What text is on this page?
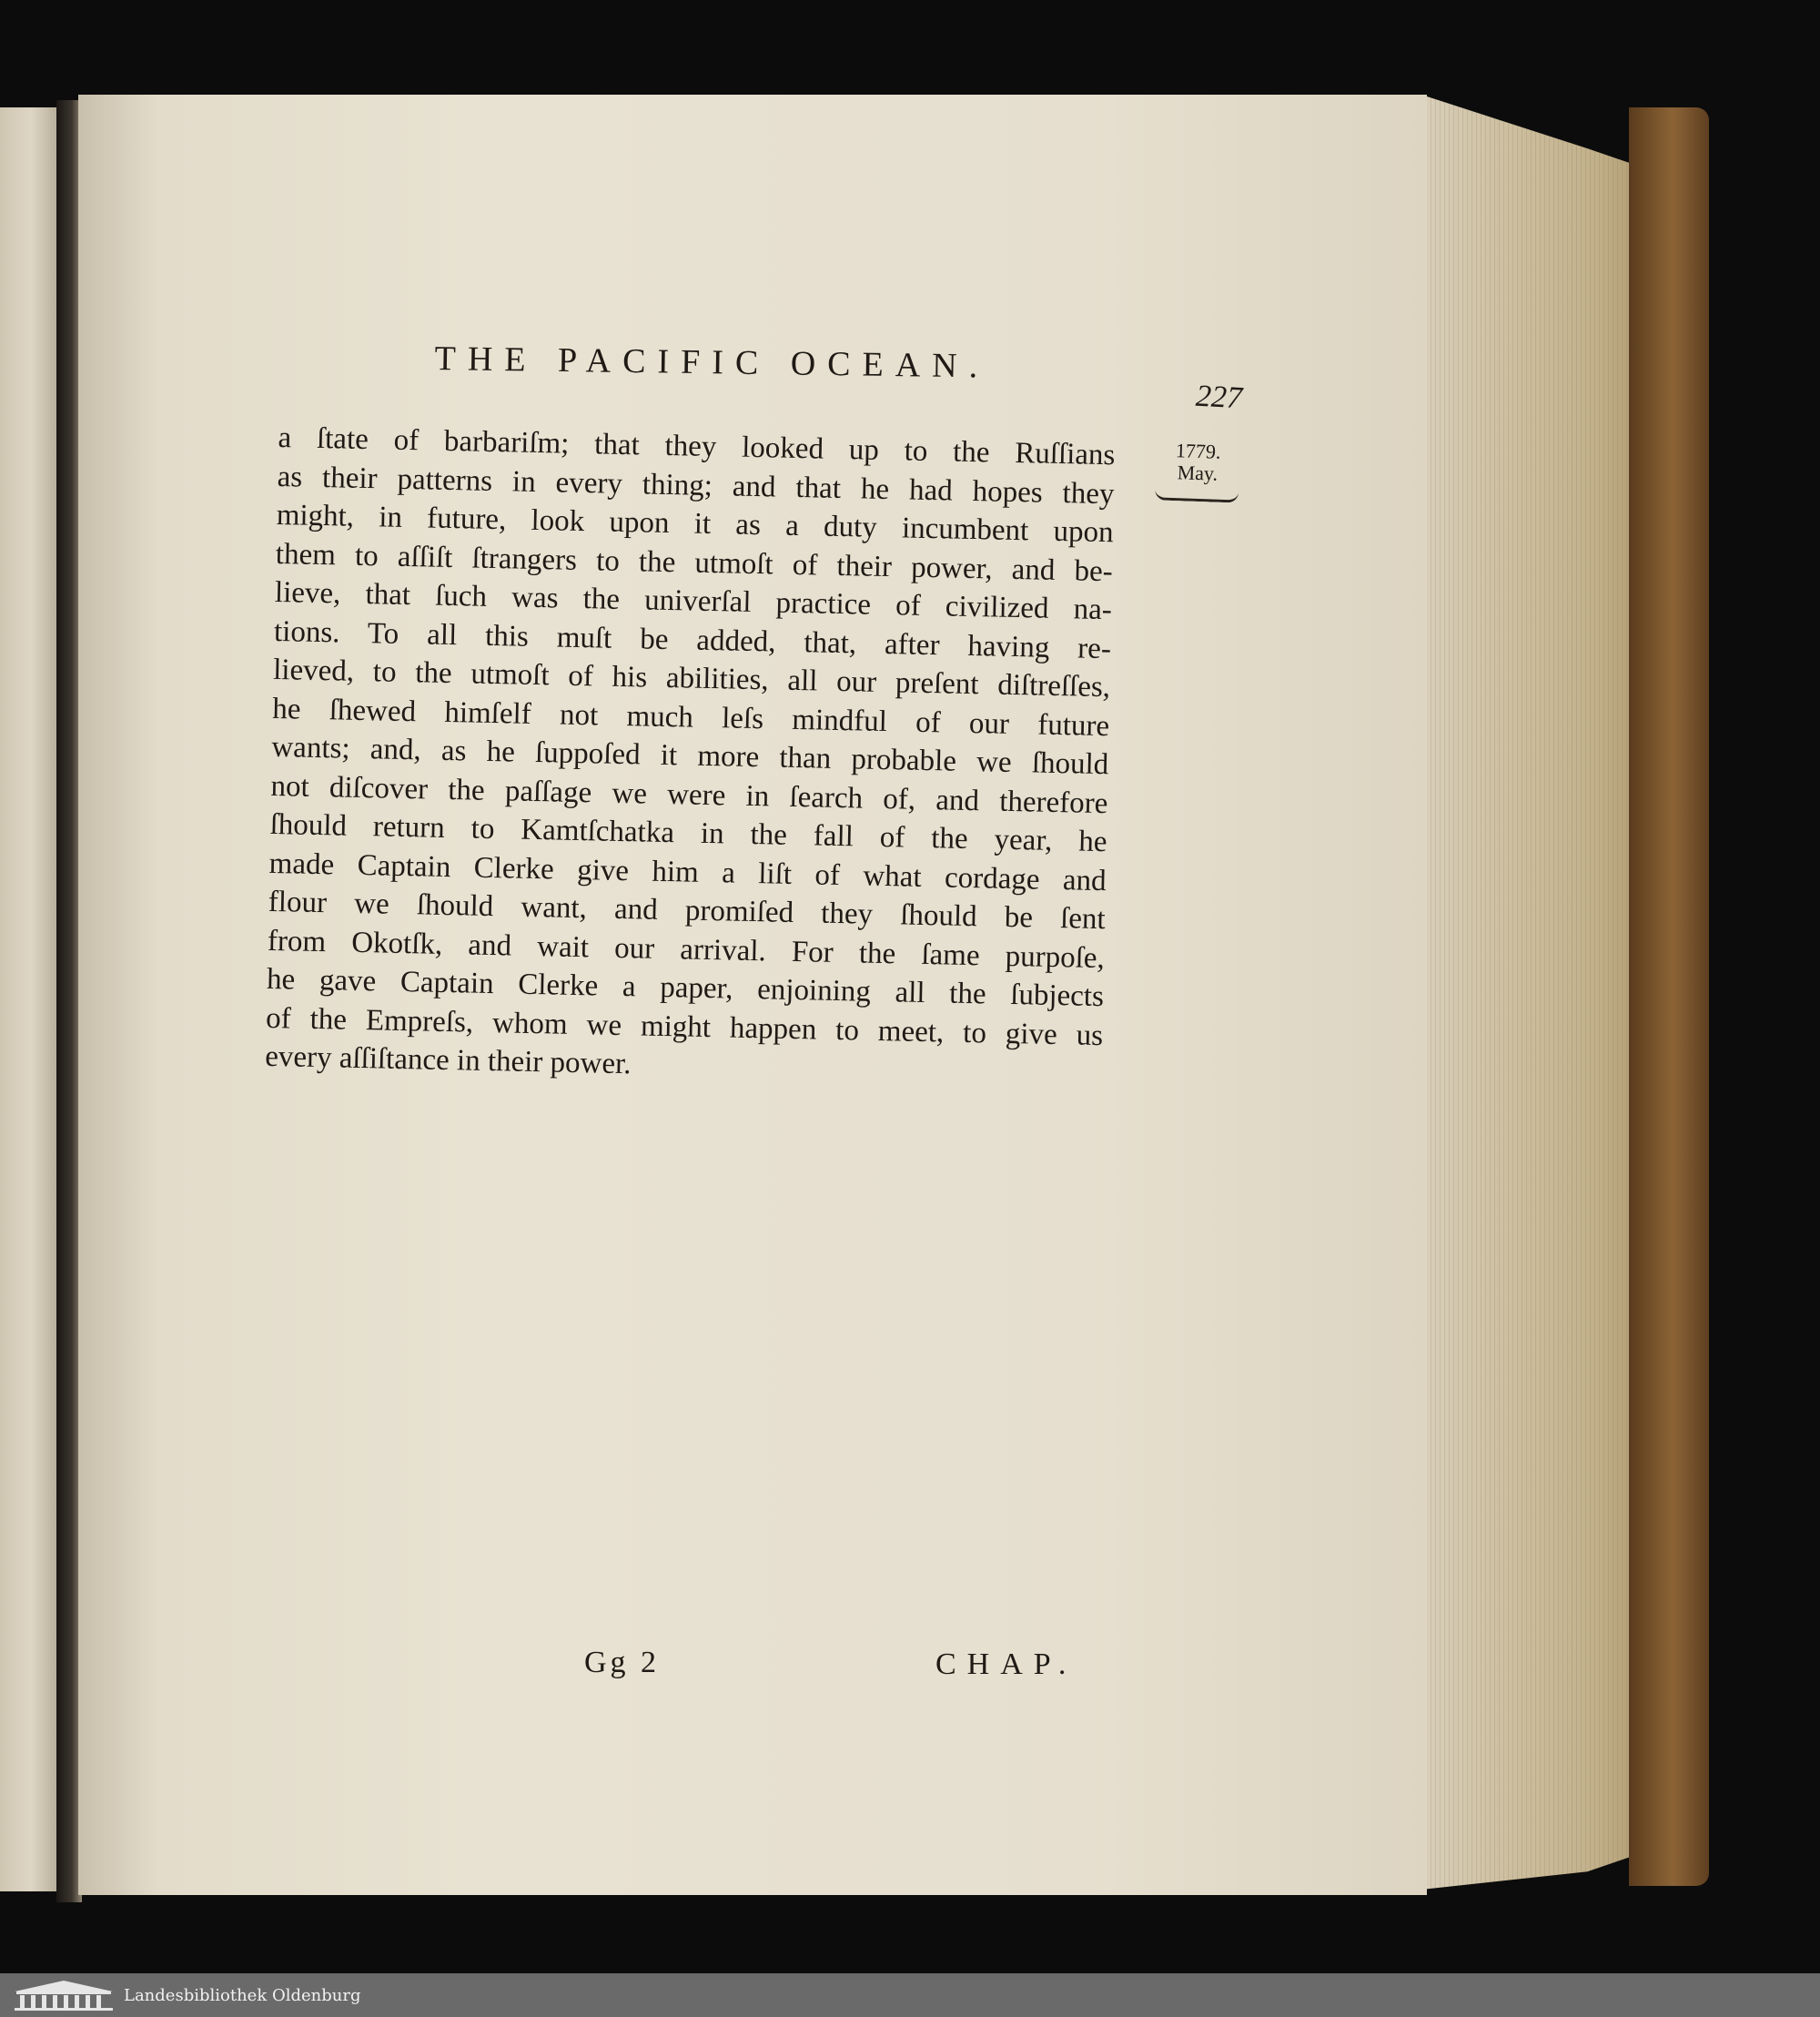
THE PACIFIC OCEAN.
227
1779.
May.
a ſtate of barbariſm; that they looked up to the Ruſſians
as their patterns in every thing; and that he had hopes they
might, in future, look upon it as a duty incumbent upon
them to aſſiſt ſtrangers to the utmoſt of their power, and be-
lieve, that ſuch was the univerſal practice of civilized na-
tions. To all this muſt be added, that, after having re-
lieved, to the utmoſt of his abilities, all our preſent diſtreſſes,
he ſhewed himſelf not much leſs mindful of our future
wants; and, as he ſuppoſed it more than probable we ſhould
not diſcover the paſſage we were in ſearch of, and therefore
ſhould return to Kamtſchatka in the fall of the year, he
made Captain Clerke give him a liſt of what cordage and
flour we ſhould want, and promiſed they ſhould be ſent
from Okotſk, and wait our arrival. For the ſame purpoſe,
he gave Captain Clerke a paper, enjoining all the ſubjects
of the Empreſs, whom we might happen to meet, to give us
every aſſiſtance in their power.
Gg 2	CHAP.
Landesbibliothek Oldenburg
